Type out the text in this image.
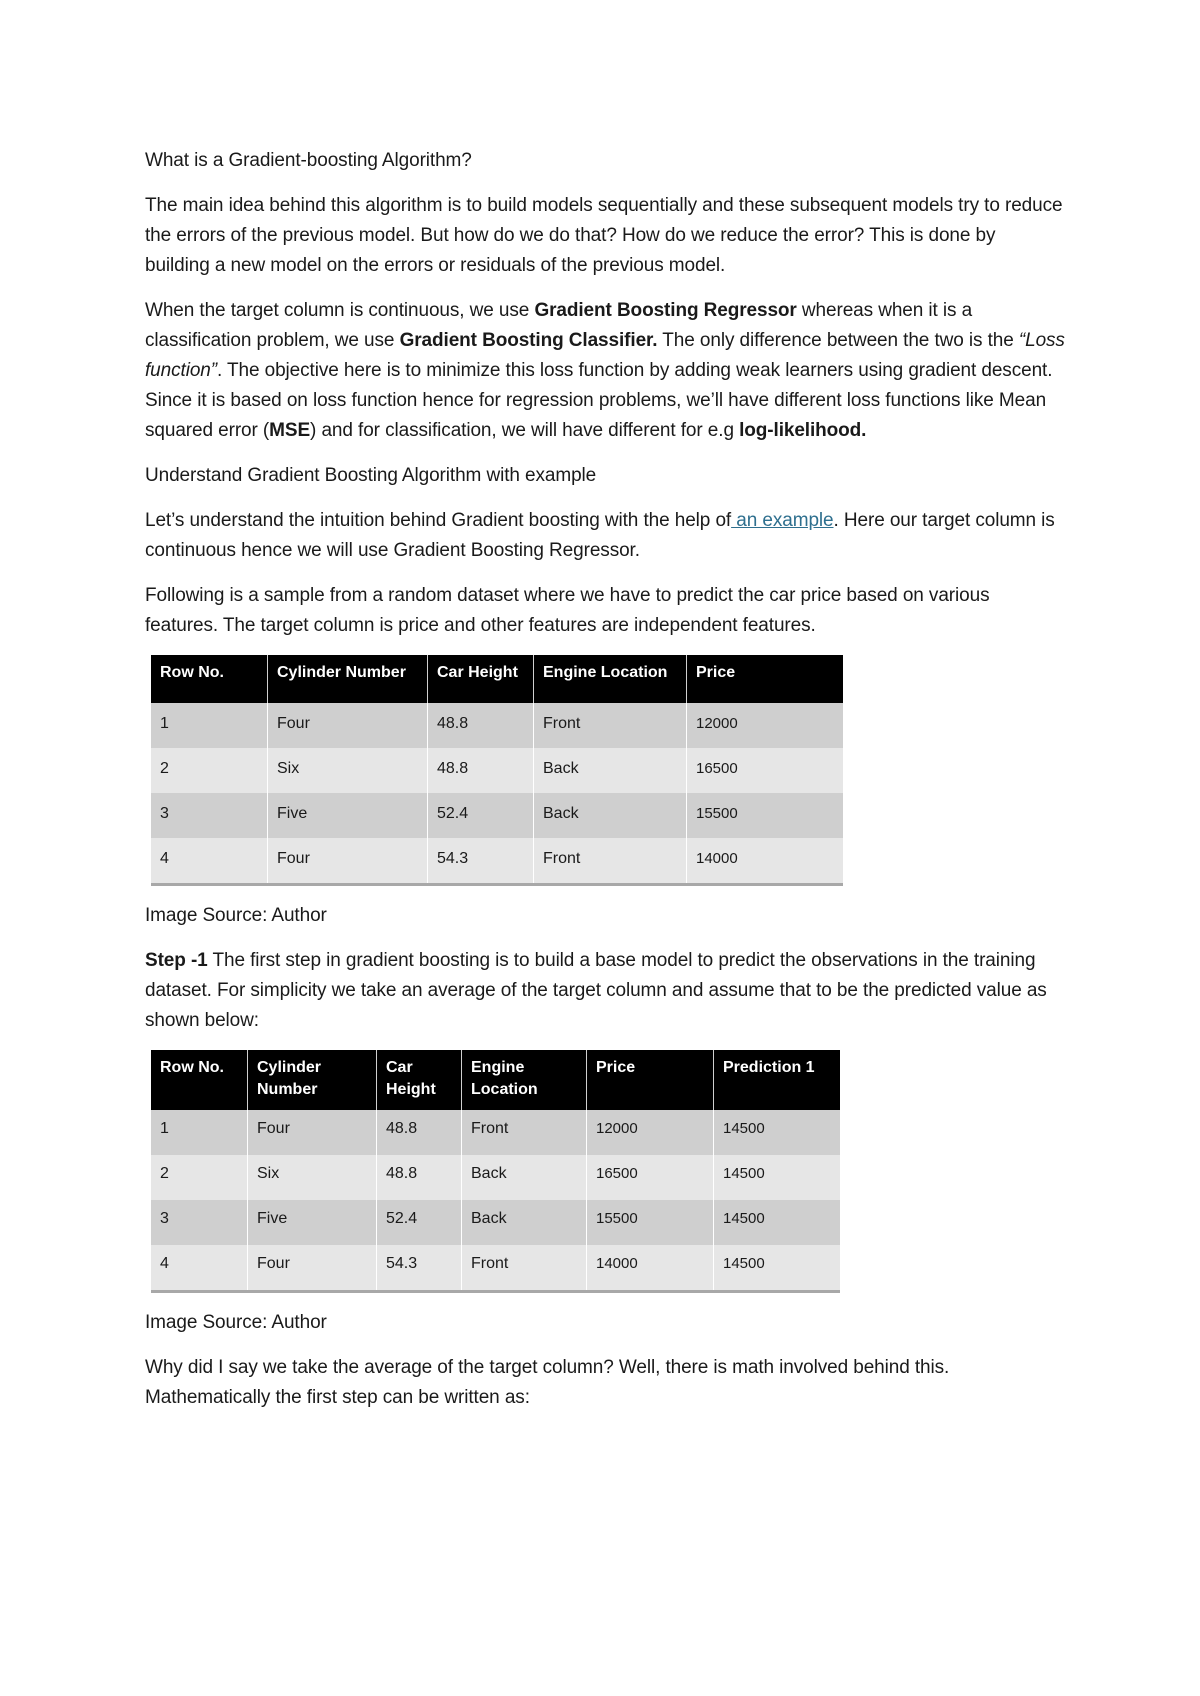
What is a Gradient-boosting Algorithm?

The main idea behind this algorithm is to build models sequentially and these subsequent models try to reduce the errors of the previous model. But how do we do that? How do we reduce the error? This is done by building a new model on the errors or residuals of the previous model.

When the target column is continuous, we use Gradient Boosting Regressor whereas when it is a classification problem, we use Gradient Boosting Classifier. The only difference between the two is the “Loss function”. The objective here is to minimize this loss function by adding weak learners using gradient descent. Since it is based on loss function hence for regression problems, we’ll have different loss functions like Mean squared error (MSE) and for classification, we will have different for e.g log-likelihood.

Understand Gradient Boosting Algorithm with example

Let’s understand the intuition behind Gradient boosting with the help of an example. Here our target column is continuous hence we will use Gradient Boosting Regressor.

Following is a sample from a random dataset where we have to predict the car price based on various features. The target column is price and other features are independent features.

Row No.	Cylinder Number	Car Height	Engine Location	Price
1	Four	48.8	Front	12000
2	Six	48.8	Back	16500
3	Five	52.4	Back	15500
4	Four	54.3	Front	14000

Image Source: Author

Step -1 The first step in gradient boosting is to build a base model to predict the observations in the training dataset. For simplicity we take an average of the target column and assume that to be the predicted value as shown below:

Row No.	Cylinder Number	Car Height	Engine Location	Price	Prediction 1
1	Four	48.8	Front	12000	14500
2	Six	48.8	Back	16500	14500
3	Five	52.4	Back	15500	14500
4	Four	54.3	Front	14000	14500

Image Source: Author

Why did I say we take the average of the target column? Well, there is math involved behind this. Mathematically the first step can be written as:
